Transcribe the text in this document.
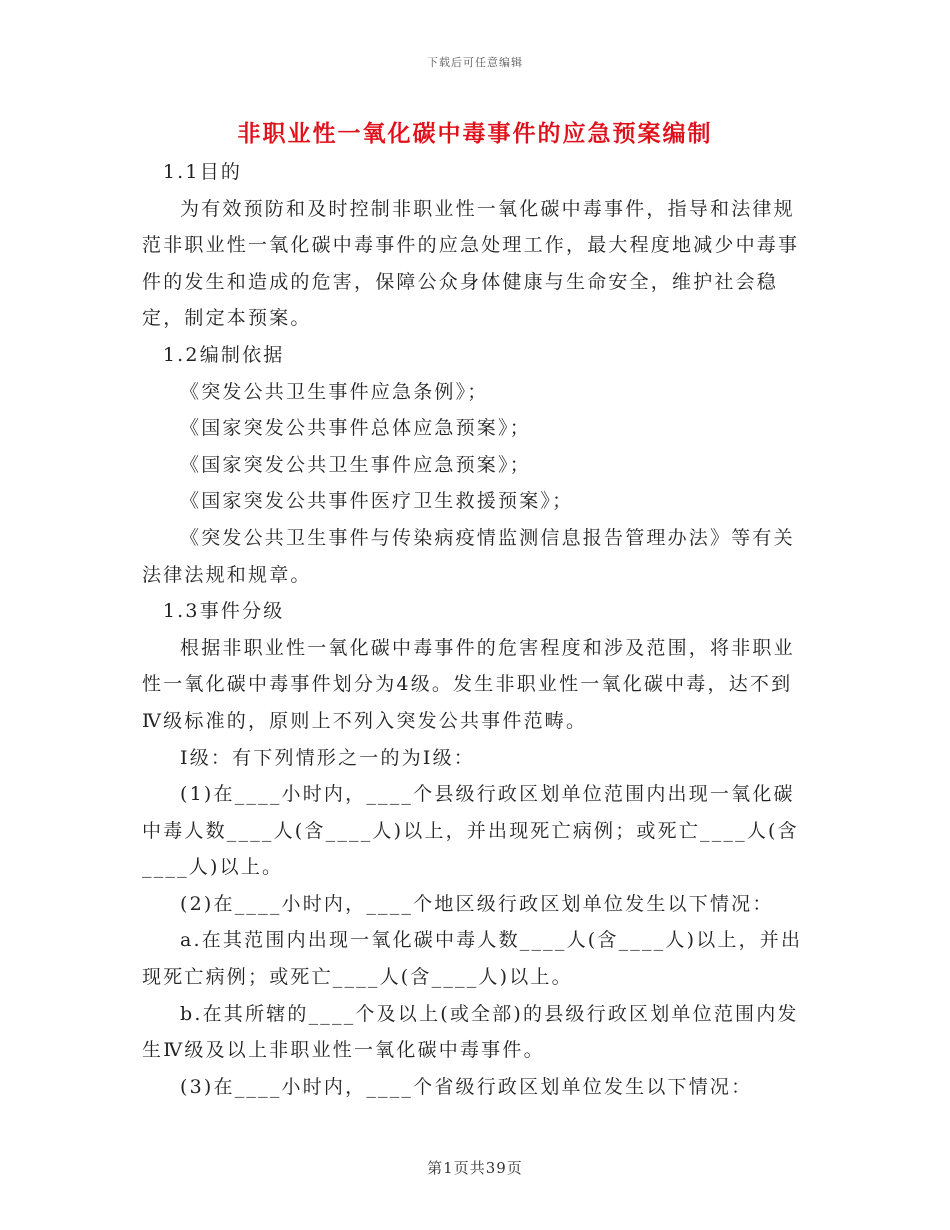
下载后可任意编辑
非职业性一氧化碳中毒事件的应急预案编制

1.1目的

为有效预防和及时控制非职业性一氧化碳中毒事件，指导和法律规范非职业性一氧化碳中毒事件的应急处理工作，最大程度地减少中毒事件的发生和造成的危害，保障公众身体健康与生命安全，维护社会稳定，制定本预案。

1.2编制依据

《突发公共卫生事件应急条例》；

《国家突发公共事件总体应急预案》；

《国家突发公共卫生事件应急预案》；

《国家突发公共事件医疗卫生救援预案》；

《突发公共卫生事件与传染病疫情监测信息报告管理办法》等有关法律法规和规章。

1.3事件分级

根据非职业性一氧化碳中毒事件的危害程度和涉及范围，将非职业性一氧化碳中毒事件划分为4级。发生非职业性一氧化碳中毒，达不到Ⅳ级标准的，原则上不列入突发公共事件范畴。

Ⅰ级：有下列情形之一的为Ⅰ级：

(1)在____小时内，____个县级行政区划单位范围内出现一氧化碳中毒人数____人(含____人)以上，并出现死亡病例；或死亡____人(含____人)以上。

(2)在____小时内，____个地区级行政区划单位发生以下情况：

a.在其范围内出现一氧化碳中毒人数____人(含____人)以上，并出现死亡病例；或死亡____人(含____人)以上。

b.在其所辖的____个及以上(或全部)的县级行政区划单位范围内发生Ⅳ级及以上非职业性一氧化碳中毒事件。

(3)在____小时内，____个省级行政区划单位发生以下情况：

第1页共39页
